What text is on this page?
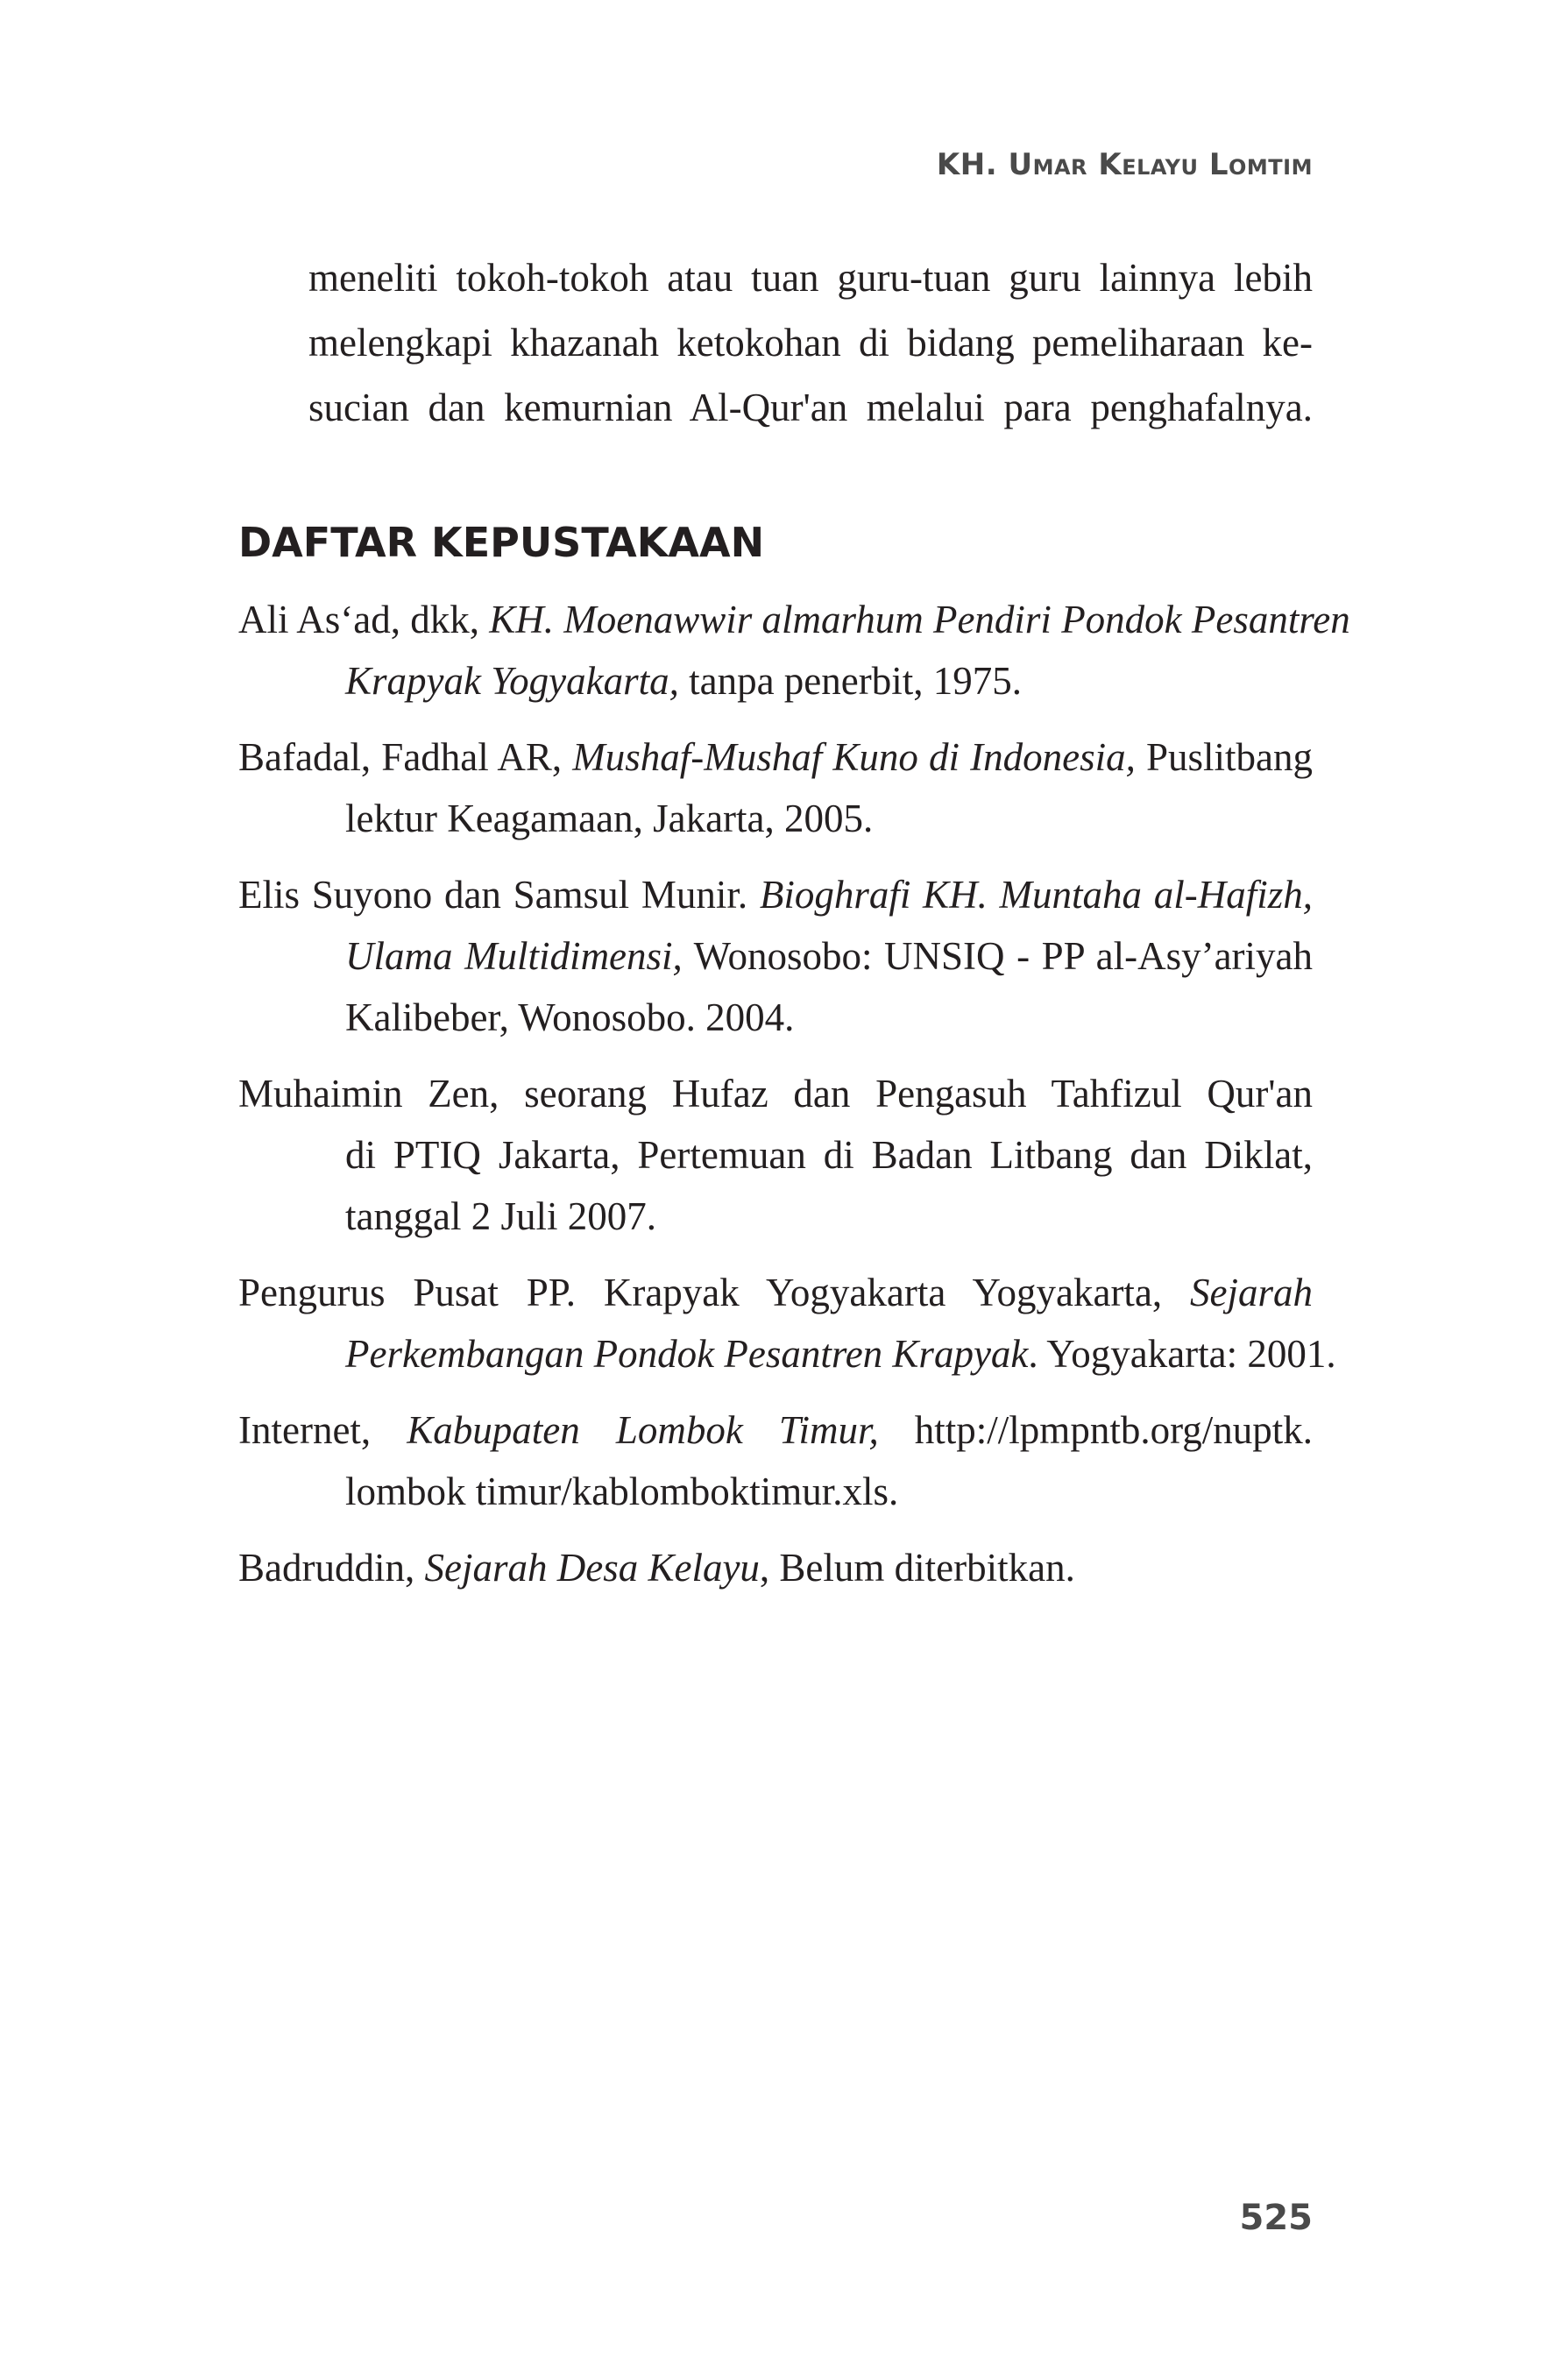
KH. Umar Kelayu Lomtim

meneliti tokoh-tokoh atau tuan guru-tuan guru lainnya lebih
melengkapi khazanah ketokohan di bidang pemeliharaan ke-
sucian dan kemurnian Al-Qur'an melalui para penghafalnya.

DAFTAR KEPUSTAKAAN
Ali As‘ad, dkk, KH. Moenawwir almarhum Pendiri Pondok Pesantren
Krapyak Yogyakarta, tanpa penerbit, 1975.
Bafadal, Fadhal AR, Mushaf-Mushaf Kuno di Indonesia, Puslitbang
lektur Keagamaan, Jakarta, 2005.
Elis Suyono dan Samsul Munir. Bioghrafi KH. Muntaha al-Hafizh,
Ulama Multidimensi, Wonosobo: UNSIQ - PP al-Asy’ariyah
Kalibeber, Wonosobo. 2004.
Muhaimin Zen, seorang Hufaz dan Pengasuh Tahfizul Qur'an
di PTIQ Jakarta, Pertemuan di Badan Litbang dan Diklat,
tanggal 2 Juli 2007.
Pengurus Pusat PP. Krapyak Yogyakarta Yogyakarta, Sejarah
Perkembangan Pondok Pesantren Krapyak. Yogyakarta: 2001.
Internet, Kabupaten Lombok Timur, http://lpmpntb.org/nuptk.
lombok timur/kablomboktimur.xls.
Badruddin, Sejarah Desa Kelayu, Belum diterbitkan.
525
